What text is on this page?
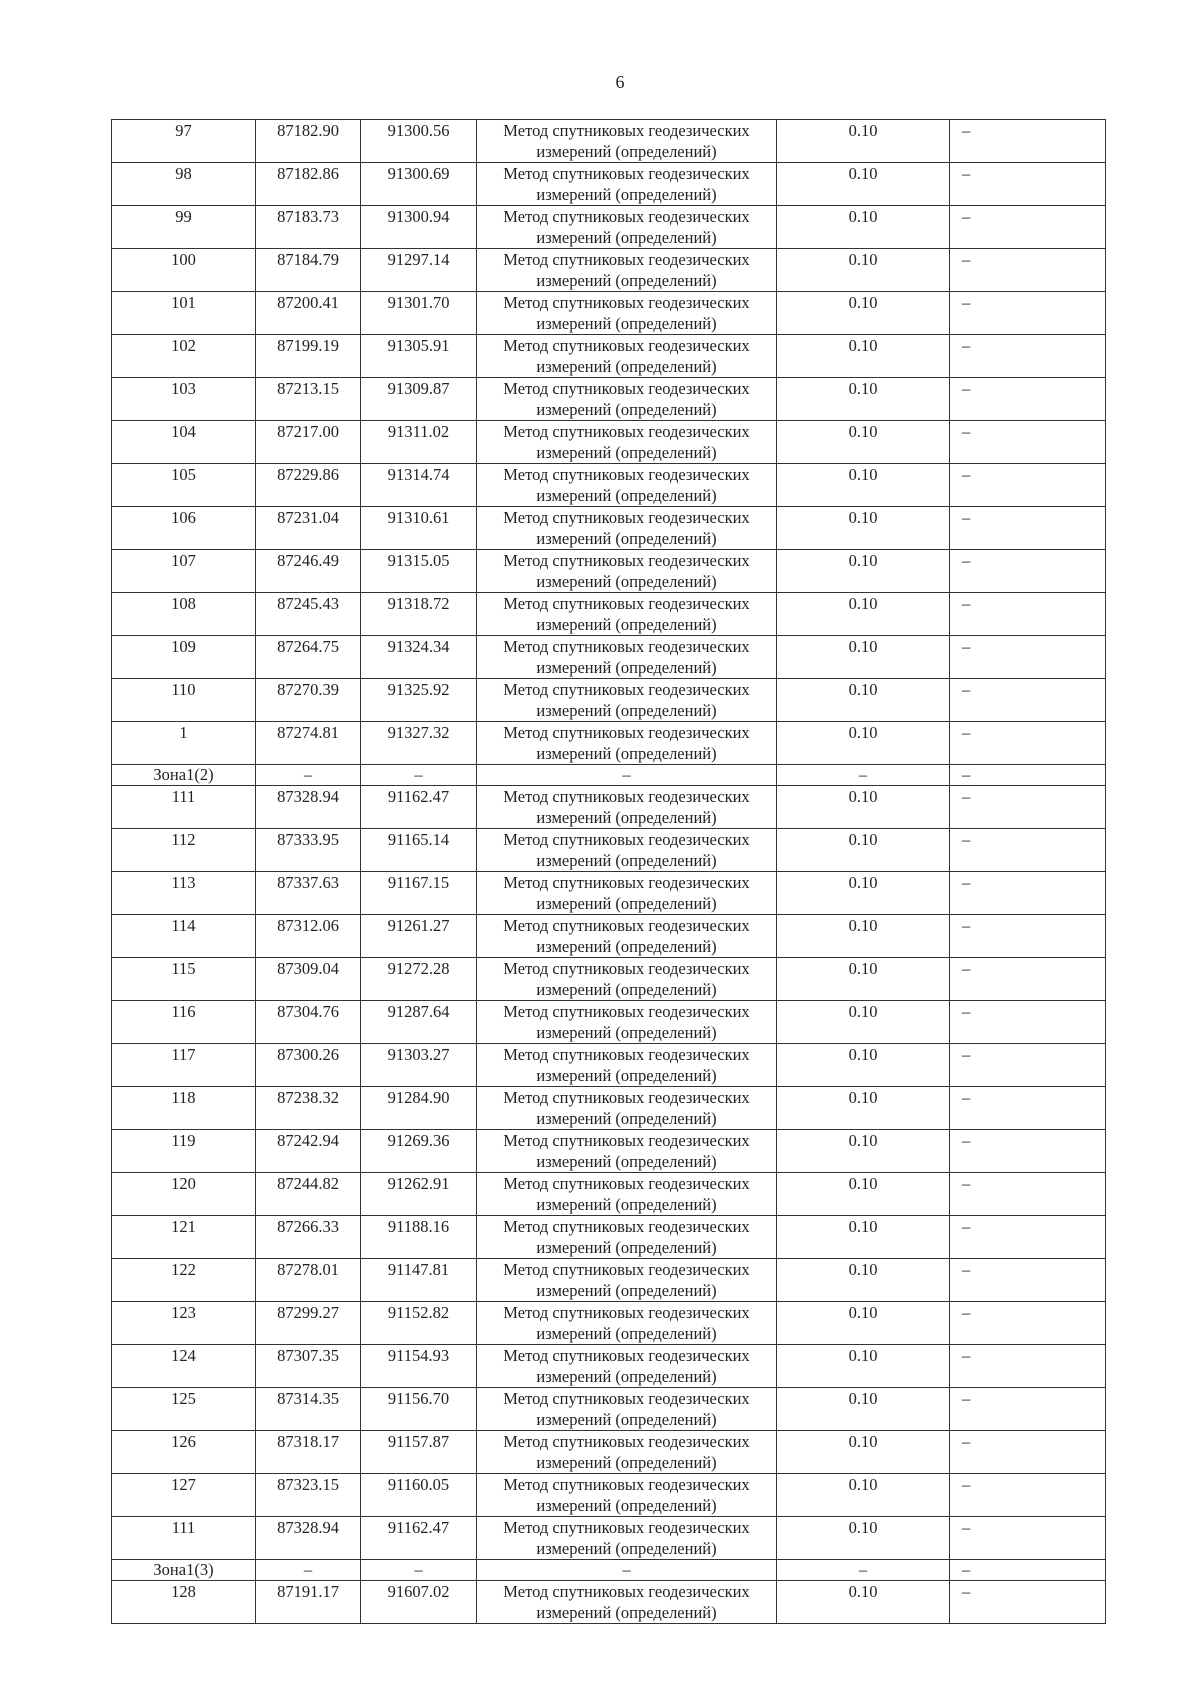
6
97	87182.90	91300.56	Метод спутниковых геодезических измерений (определений)	0.10	–
98	87182.86	91300.69	Метод спутниковых геодезических измерений (определений)	0.10	–
99	87183.73	91300.94	Метод спутниковых геодезических измерений (определений)	0.10	–
100	87184.79	91297.14	Метод спутниковых геодезических измерений (определений)	0.10	–
101	87200.41	91301.70	Метод спутниковых геодезических измерений (определений)	0.10	–
102	87199.19	91305.91	Метод спутниковых геодезических измерений (определений)	0.10	–
103	87213.15	91309.87	Метод спутниковых геодезических измерений (определений)	0.10	–
104	87217.00	91311.02	Метод спутниковых геодезических измерений (определений)	0.10	–
105	87229.86	91314.74	Метод спутниковых геодезических измерений (определений)	0.10	–
106	87231.04	91310.61	Метод спутниковых геодезических измерений (определений)	0.10	–
107	87246.49	91315.05	Метод спутниковых геодезических измерений (определений)	0.10	–
108	87245.43	91318.72	Метод спутниковых геодезических измерений (определений)	0.10	–
109	87264.75	91324.34	Метод спутниковых геодезических измерений (определений)	0.10	–
110	87270.39	91325.92	Метод спутниковых геодезических измерений (определений)	0.10	–
1	87274.81	91327.32	Метод спутниковых геодезических измерений (определений)	0.10	–
Зона1(2)	–	–	–	–	–
111	87328.94	91162.47	Метод спутниковых геодезических измерений (определений)	0.10	–
112	87333.95	91165.14	Метод спутниковых геодезических измерений (определений)	0.10	–
113	87337.63	91167.15	Метод спутниковых геодезических измерений (определений)	0.10	–
114	87312.06	91261.27	Метод спутниковых геодезических измерений (определений)	0.10	–
115	87309.04	91272.28	Метод спутниковых геодезических измерений (определений)	0.10	–
116	87304.76	91287.64	Метод спутниковых геодезических измерений (определений)	0.10	–
117	87300.26	91303.27	Метод спутниковых геодезических измерений (определений)	0.10	–
118	87238.32	91284.90	Метод спутниковых геодезических измерений (определений)	0.10	–
119	87242.94	91269.36	Метод спутниковых геодезических измерений (определений)	0.10	–
120	87244.82	91262.91	Метод спутниковых геодезических измерений (определений)	0.10	–
121	87266.33	91188.16	Метод спутниковых геодезических измерений (определений)	0.10	–
122	87278.01	91147.81	Метод спутниковых геодезических измерений (определений)	0.10	–
123	87299.27	91152.82	Метод спутниковых геодезических измерений (определений)	0.10	–
124	87307.35	91154.93	Метод спутниковых геодезических измерений (определений)	0.10	–
125	87314.35	91156.70	Метод спутниковых геодезических измерений (определений)	0.10	–
126	87318.17	91157.87	Метод спутниковых геодезических измерений (определений)	0.10	–
127	87323.15	91160.05	Метод спутниковых геодезических измерений (определений)	0.10	–
111	87328.94	91162.47	Метод спутниковых геодезических измерений (определений)	0.10	–
Зона1(3)	–	–	–	–	–
128	87191.17	91607.02	Метод спутниковых геодезических измерений (определений)	0.10	–
